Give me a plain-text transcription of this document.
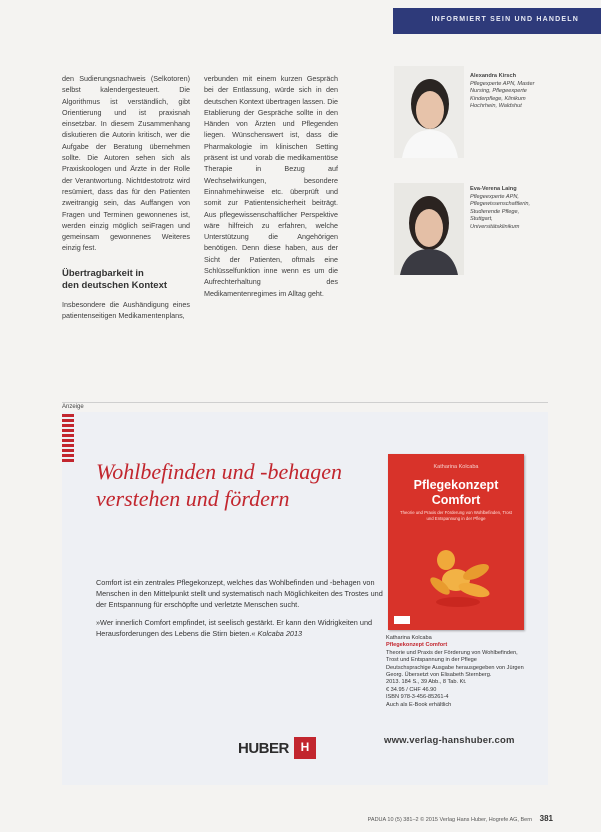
INFORMIERT SEIN UND HANDELN

den Sudierungsnachweis (Selkotoren) selbst kalendergesteuert. Die Algorithmus ist verständlich, gibt Orientierung und ist praxisnah einsetzbar. In diesem Zusammenhang diskutieren die Autorin kritisch, wer die Aufgabe der Beratung übernehmen sollte. Die Autoren sehen sich als Praxiskoologen und Ärzte in der Rolle der Verantwortung. Nichtdestotrotz wird resümiert, dass das für den Patienten zweitrangig sein, das Auffangen von Fragen und Terminen gewonnenes ist, werden einzig möglich seiFragen und gemeinsam gewonnenes Weiteres einzig fest.

Übertragbarkeit in
den deutschen Kontext

Insbesondere die Aushändigung eines patientenseitigen Medikamentenplans,

verbunden mit einem kurzen Gespräch bei der Entlassung, würde sich in den deutschen Kontext übertragen lassen. Die Etablierung der Gespräche sollte in den Händen von Ärzten und Pflegenden liegen. Wünschenswert ist, dass die Pharmakologie im klinischen Setting präsent ist und vorab die medikamentöse Therapie in Bezug auf Wechselwirkungen, besondere Einnahmehinweise etc. überprüft und somit zur Patientensicherheit beiträgt. Aus pflegewissenschaftlicher Perspektive wäre hilfreich zu erfahren, welche Unterstützung die Angehörigen benötigen. Denn diese haben, aus der Sicht der Patienten, oftmals eine Schlüsselfunktion inne wenn es um die Aufrechterhaltung des Medikamentenregimes im Alltag geht.

Alexandra Kirsch
Pflegexperte APN, Master Nursing, Pflegeexperte Kinderpflege, Klinikum Hochrhein, Waldshut
Eva-Verena Laing
Pflegeexperte APN, Pflegewissenschaftlerin, Studierende Pflege, Stuttgart, Universitätsklinikum
Anzeige
Wohlbefinden und -behagen
verstehen und fördern

Comfort ist ein zentrales Pflegekonzept, welches das Wohlbefinden und -behagen von Menschen in den Mittelpunkt stellt und systematisch nach Möglichkeiten des Trostes und der Entspannung für erschöpfte und verletzte Menschen sucht.

»Wer innerlich Comfort empfindet, ist seelisch gestärkt. Er kann den Widrigkeiten und Herausforderungen des Lebens die Stirn bieten.« Kolcaba 2013

Katharina Kolcaba
Pflegekonzept
Comfort
Theorie und Praxis der Förderung von Wohlbefinden, Trost und Entspannung in der Pflege

Katharina Kolcaba

Pflegekonzept Comfort

Theorie und Praxis der Förderung von Wohlbefinden, Trost und Entspannung in der Pflege

Deutschsprachige Ausgabe herausgegeben von Jürgen Georg. Übersetzt von Elisabeth Sternberg.

2013. 184 S., 39 Abb., 8 Tab. Kt.

€ 34.95 / CHF 46.90

ISBN 978-3-456-85261-4

Auch als E-Book erhältlich

HUBER H	www.verlag-hanshuber.com
PADUA 10 (5) 381–2 © 2015 Verlag Hans Huber, Hogrefe AG, Bern 381
